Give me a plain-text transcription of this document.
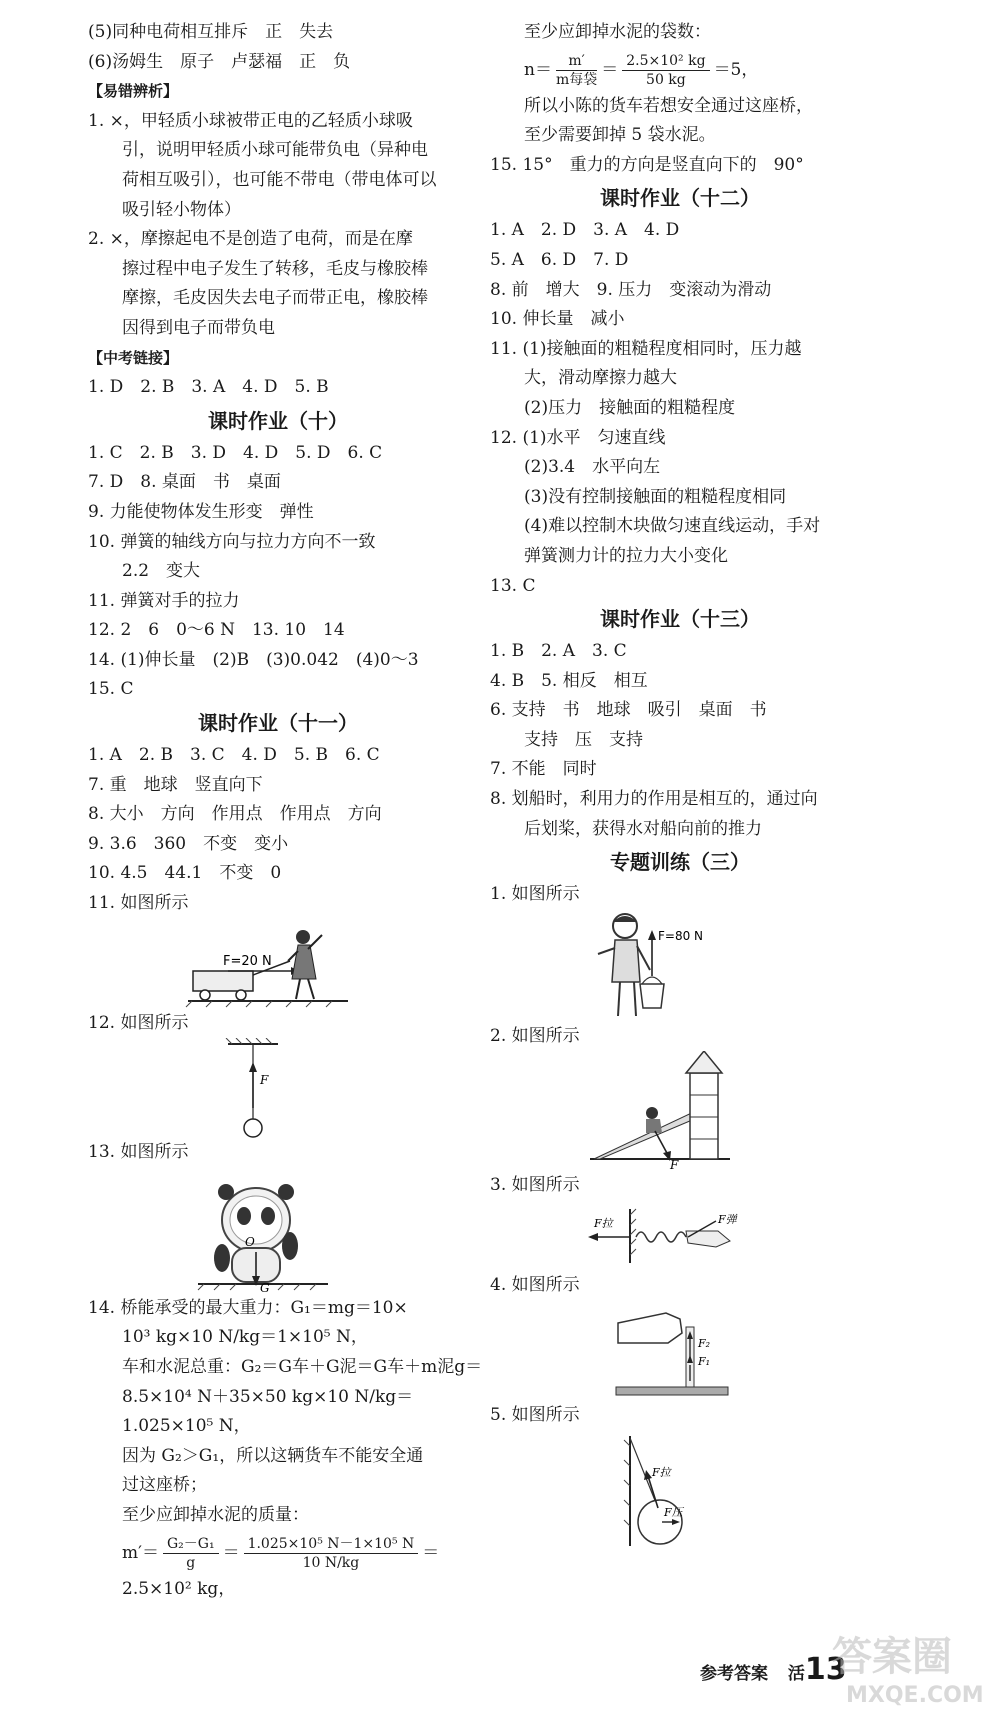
(5)同种电荷相互排斥　正　失去
(6)汤姆生　原子　卢瑟福　正　负
【易错辨析】
1. ×，甲轻质小球被带正电的乙轻质小球吸
引，说明甲轻质小球可能带负电（异种电
荷相互吸引），也可能不带电（带电体可以
吸引轻小物体）
2. ×，摩擦起电不是创造了电荷，而是在摩
擦过程中电子发生了转移，毛皮与橡胶棒
摩擦，毛皮因失去电子而带正电，橡胶棒
因得到电子而带负电
【中考链接】
1. D　2. B　3. A　4. D　5. B
课时作业（十）
1. C　2. B　3. D　4. D　5. D　6. C
7. D　8. 桌面　书　桌面
9. 力能使物体发生形变　弹性
10. 弹簧的轴线方向与拉力方向不一致
2.2　变大
11. 弹簧对手的拉力
12. 2　6　0～6 N　13. 10　14
14. (1)伸长量　(2)B　(3)0.042　(4)0～3
15. C
课时作业（十一）
1. A　2. B　3. C　4. D　5. B　6. C
7. 重　地球　竖直向下
8. 大小　方向　作用点　作用点　方向
9. 3.6　360　不变　变小
10. 4.5　44.1　不变　0
11. 如图所示
F=20 N
12. 如图所示
F
13. 如图所示
O
G
14. 桥能承受的最大重力：G₁＝mg＝10×
10³ kg×10 N/kg＝1×10⁵ N，
车和水泥总重：G₂＝G车＋G泥＝G车＋m泥g＝
8.5×10⁴ N＋35×50 kg×10 N/kg＝
1.025×10⁵ N，
因为 G₂＞G₁，所以这辆货车不能安全通
过这座桥；
至少应卸掉水泥的质量：
$m'= \frac{\text{G₂－G₁}}{g} = \frac{\text{1.025×10⁵ N－1×10⁵ N}}{10 N/kg}$ ＝
2.5×10² kg，
至少应卸掉水泥的袋数：
$n= \frac{m'}{\text{m每袋}} = \frac{\text{2.5×10² kg}}{50 kg} =5$，
所以小陈的货车若想安全通过这座桥，
至少需要卸掉 5 袋水泥。
15. 15°　重力的方向是竖直向下的　90°
课时作业（十二）
1. A　2. D　3. A　4. D
5. A　6. D　7. D
8. 前　增大　9. 压力　变滚动为滑动
10. 伸长量　减小
11. (1)接触面的粗糙程度相同时，压力越
大，滑动摩擦力越大
(2)压力　接触面的粗糙程度
12. (1)水平　匀速直线
(2)3.4　水平向左
(3)没有控制接触面的粗糙程度相同
(4)难以控制木块做匀速直线运动，手对
弹簧测力计的拉力大小变化
13. C
课时作业（十三）
1. B　2. A　3. C
4. B　5. 相反　相互
6. 支持　书　地球　吸引　桌面　书
支持　压　支持
7. 不能　同时
8. 划船时，利用力的作用是相互的，通过向
后划桨，获得水对船向前的推力
专题训练（三）
1. 如图所示
F=80 N
2. 如图所示
F
3. 如图所示
F拉	F弹
4. 如图所示
F₂
F₁
5. 如图所示
F拉
F压
参考答案 活13
答案圈
MXQE.COM
